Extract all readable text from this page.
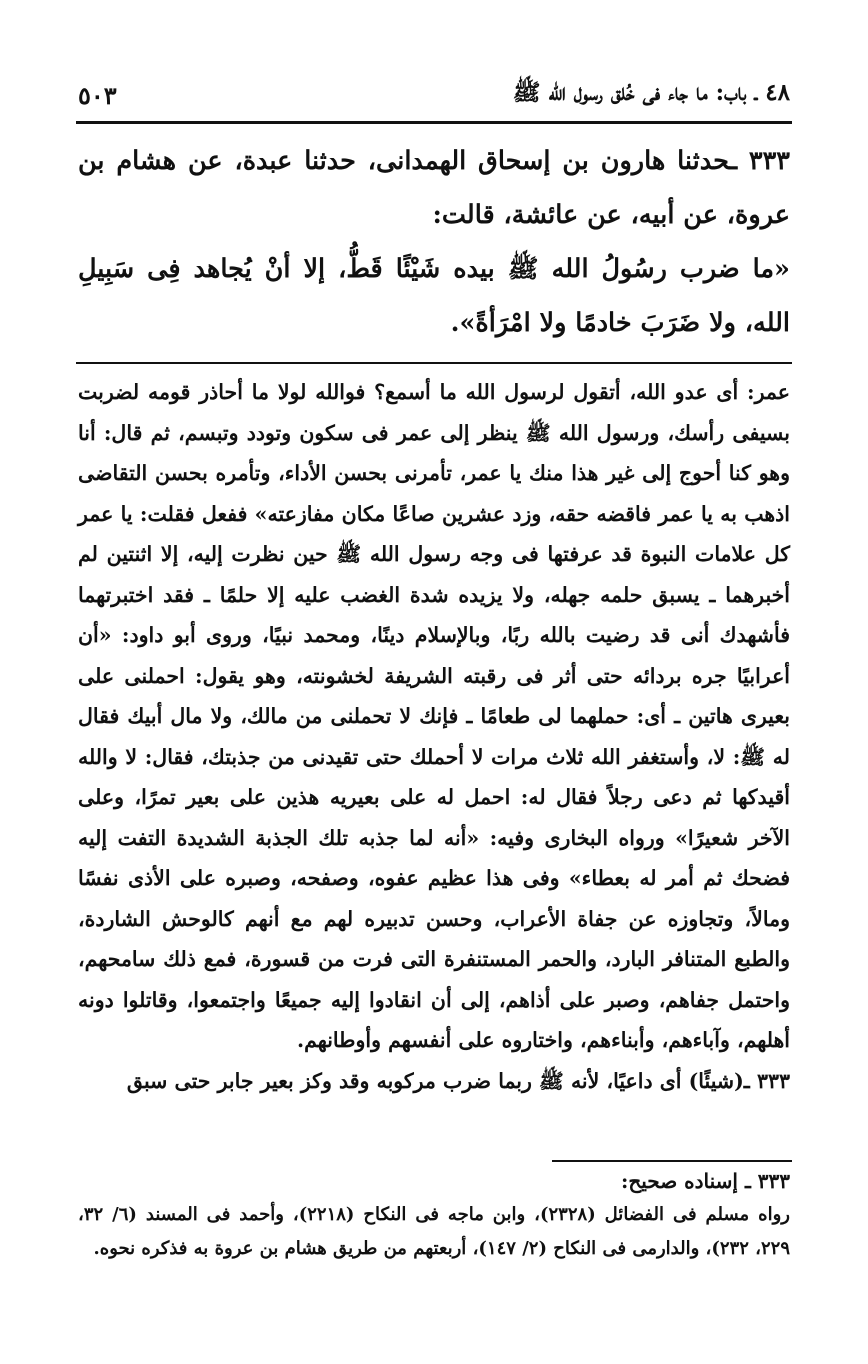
٤٨ ـ باب: ما جاء فى خُلق رسول الله ﷺ
٥٠٣

٣٣٣ ـحدثنا هارون بن إسحاق الهمدانى، حدثنا عبدة، عن هشام بن عروة، عن أبيه، عن عائشة، قالت:

«ما ضرب رسُولُ الله ﷺ بيده شَيْئًا قَطُّ، إلا أنْ يُجاهد فِى سَبِيلِ الله، ولا ضَرَبَ خادمًا ولا امْرَأةً».

عمر: أى عدو الله، أتقول لرسول الله ما أسمع؟ فوالله لولا ما أحاذر قومه لضربت بسيفى رأسك، ورسول الله ﷺ ينظر إلى عمر فى سكون وتودد وتبسم، ثم قال: أنا وهو كنا أحوج إلى غير هذا منك يا عمر، تأمرنى بحسن الأداء، وتأمره بحسن التقاضى اذهب به يا عمر فاقضه حقه، وزد عشرين صاعًا مكان مفازعته» ففعل فقلت: يا عمر كل علامات النبوة قد عرفتها فى وجه رسول الله ﷺ حين نظرت إليه، إلا اثنتين لم أخبرهما ـ يسبق حلمه جهله، ولا يزيده شدة الغضب عليه إلا حلمًا ـ فقد اختبرتهما فأشهدك أنى قد رضيت بالله ربًا، وبالإسلام دينًا، ومحمد نبيًا، وروى أبو داود: «أن أعرابيًا جره بردائه حتى أثر فى رقبته الشريفة لخشونته، وهو يقول: احملنى على بعيرى هاتين ـ أى: حملهما لى طعامًا ـ فإنك لا تحملنى من مالك، ولا مال أبيك فقال له ﷺ: لا، وأستغفر الله ثلاث مرات لا أحملك حتى تقيدنى من جذبتك، فقال: لا والله أقيدكها ثم دعى رجلاً فقال له: احمل له على بعيريه هذين على بعير تمرًا، وعلى الآخر شعيرًا» ورواه البخارى وفيه: «أنه لما جذبه تلك الجذبة الشديدة التفت إليه فضحك ثم أمر له بعطاء» وفى هذا عظيم عفوه، وصفحه، وصبره على الأذى نفسًا ومالاً، وتجاوزه عن جفاة الأعراب، وحسن تدبيره لهم مع أنهم كالوحش الشاردة، والطبع المتنافر البارد، والحمر المستنفرة التى فرت من قسورة، فمع ذلك سامحهم، واحتمل جفاهم، وصبر على أذاهم، إلى أن انقادوا إليه جميعًا واجتمعوا، وقاتلوا دونه أهلهم، وآباءهم، وأبناءهم، واختاروه على أنفسهم وأوطانهم.

٣٣٣ ـ(شيئًا) أى داعيًا، لأنه ﷺ ربما ضرب مركوبه وقد وكز بعير جابر حتى سبق

٣٣٣ ـ إسناده صحيح:

رواه مسلم فى الفضائل (٢٣٢٨)، وابن ماجه فى النكاح (٢٢١٨)، وأحمد فى المسند (٦/ ٣٢، ٢٢٩، ٢٣٢)، والدارمى فى النكاح (٢/ ١٤٧)، أربعتهم من طريق هشام بن عروة به فذكره نحوه.
